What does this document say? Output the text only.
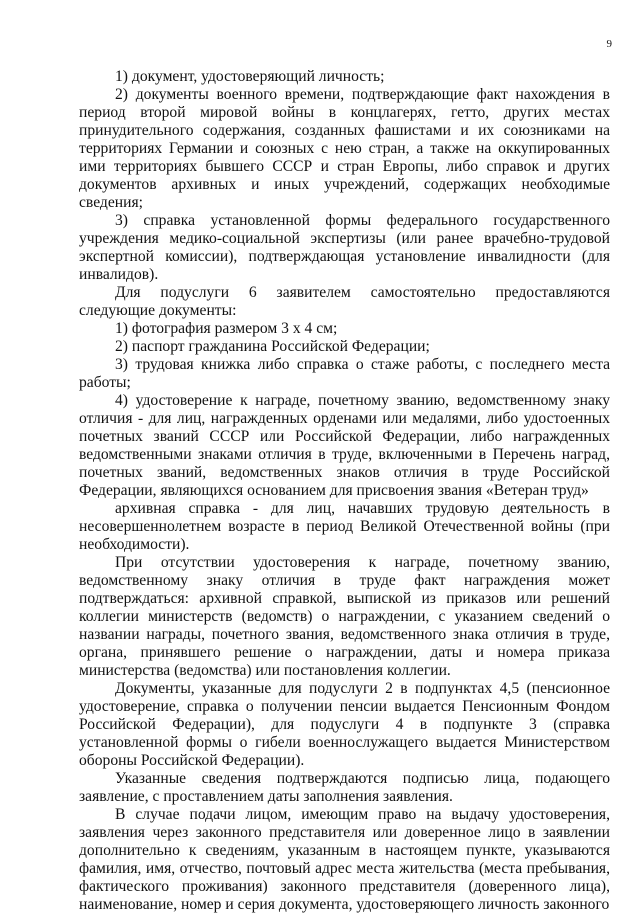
9

1) документ, удостоверяющий личность;

2) документы военного времени, подтверждающие факт нахождения в период второй мировой войны в концлагерях, гетто, других местах принудительного содержания, созданных фашистами и их союзниками на территориях Германии и союзных с нею стран, а также на оккупированных ими территориях бывшего СССР и стран Европы, либо справок и других документов архивных и иных учреждений, содержащих необходимые сведения;

3) справка установленной формы федерального государственного учреждения медико-социальной экспертизы (или ранее врачебно-трудовой экспертной комиссии), подтверждающая установление инвалидности (для инвалидов).

Для подуслуги 6 заявителем самостоятельно предоставляются следующие документы:

1) фотография размером 3 х 4 см;

2) паспорт гражданина Российской Федерации;

3) трудовая книжка либо справка о стаже работы, с последнего места работы;

4) удостоверение к награде, почетному званию, ведомственному знаку отличия - для лиц, награжденных орденами или медалями, либо удостоенных почетных званий СССР или Российской Федерации, либо награжденных ведомственными знаками отличия в труде, включенными в Перечень наград, почетных званий, ведомственных знаков отличия в труде Российской Федерации, являющихся основанием для присвоения звания «Ветеран труд»

архивная справка - для лиц, начавших трудовую деятельность в несовершеннолетнем возрасте в период Великой Отечественной войны (при необходимости).

При отсутствии удостоверения к награде, почетному званию, ведомственному знаку отличия в труде факт награждения может подтверждаться: архивной справкой, выпиской из приказов или решений коллегии министерств (ведомств) о награждении, с указанием сведений о названии награды, почетного звания, ведомственного знака отличия в труде, органа, принявшего решение о награждении, даты и номера приказа министерства (ведомства) или постановления коллегии.

Документы, указанные для подуслуги 2 в подпунктах 4,5 (пенсионное удостоверение, справка о получении пенсии выдается Пенсионным Фондом Российской Федерации), для подуслуги 4 в подпункте 3 (справка установленной формы о гибели военнослужащего выдается Министерством обороны Российской Федерации).

Указанные сведения подтверждаются подписью лица, подающего заявление, с проставлением даты заполнения заявления.

В случае подачи лицом, имеющим право на выдачу удостоверения, заявления через законного представителя или доверенное лицо в заявлении дополнительно к сведениям, указанным в настоящем пункте, указываются фамилия, имя, отчество, почтовый адрес места жительства (места пребывания, фактического проживания) законного представителя (доверенного лица), наименование, номер и серия документа, удостоверяющего личность законного
